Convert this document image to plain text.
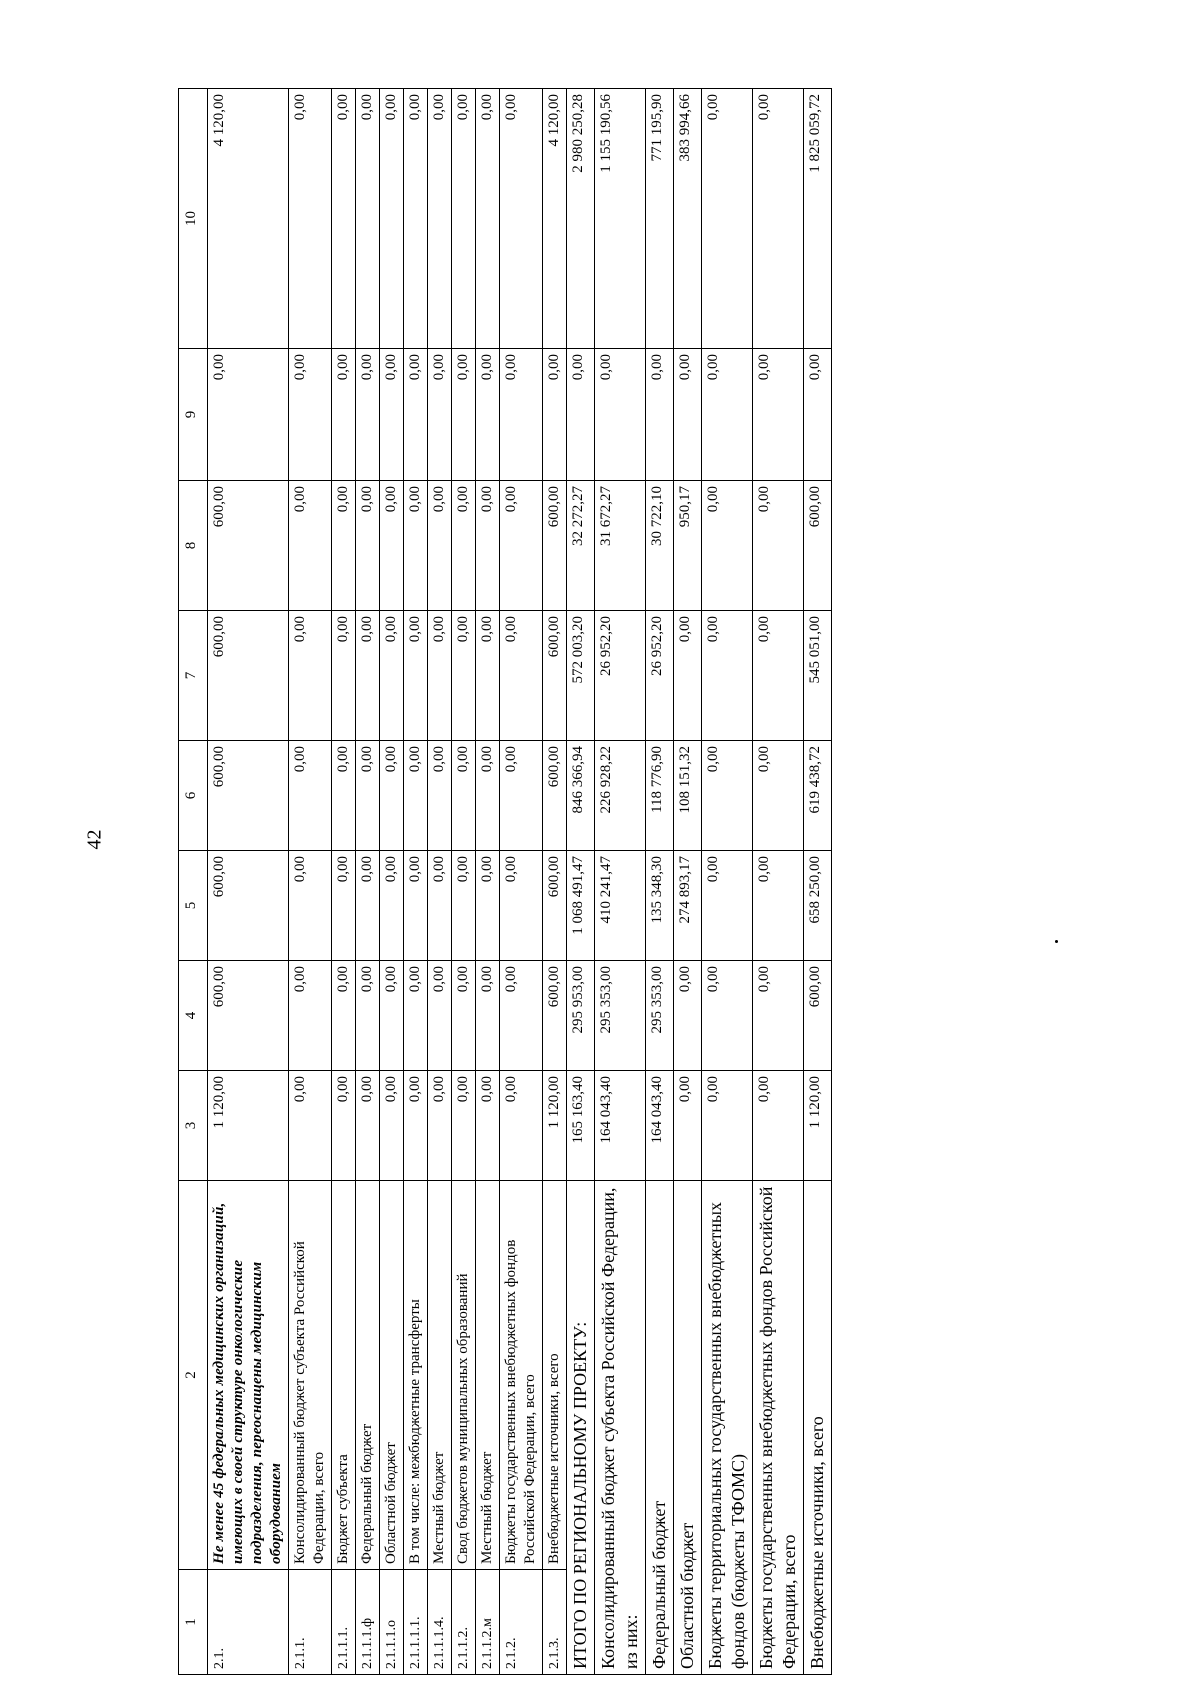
42
1	2	3	4	5	6	7	8	9	10
2.1.	Не менее 45 федеральных медицинских организаций, имеющих в своей структуре онкологические подразделения, переоснащены медицинским оборудованием	1 120,00	600,00	600,00	600,00	600,00	600,00	0,00	4 120,00
2.1.1.	Консолидированный бюджет субъекта Российской Федерации, всего	0,00	0,00	0,00	0,00	0,00	0,00	0,00	0,00
2.1.1.1.	Бюджет субъекта	0,00	0,00	0,00	0,00	0,00	0,00	0,00	0,00
2.1.1.1.ф	Федеральный бюджет	0,00	0,00	0,00	0,00	0,00	0,00	0,00	0,00
2.1.1.1.о	Областной бюджет	0,00	0,00	0,00	0,00	0,00	0,00	0,00	0,00
2.1.1.1.1.	В том числе: межбюджетные трансферты	0,00	0,00	0,00	0,00	0,00	0,00	0,00	0,00
2.1.1.1.4.	Местный бюджет	0,00	0,00	0,00	0,00	0,00	0,00	0,00	0,00
2.1.1.2.	Свод бюджетов муниципальных образований	0,00	0,00	0,00	0,00	0,00	0,00	0,00	0,00
2.1.1.2.м	Местный бюджет	0,00	0,00	0,00	0,00	0,00	0,00	0,00	0,00
2.1.2.	Бюджеты государственных внебюджетных фондов Российской Федерации, всего	0,00	0,00	0,00	0,00	0,00	0,00	0,00	0,00
2.1.3.	Внебюджетные источники, всего	1 120,00	600,00	600,00	600,00	600,00	600,00	0,00	4 120,00
ИТОГО ПО РЕГИОНАЛЬНОМУ ПРОЕКТУ:		165 163,40	295 953,00	1 068 491,47	846 366,94	572 003,20	32 272,27	0,00	2 980 250,28
Консолидированный бюджет субъекта Российской Федерации, из них:		164 043,40	295 353,00	410 241,47	226 928,22	26 952,20	31 672,27	0,00	1 155 190,56
Федеральный бюджет		164 043,40	295 353,00	135 348,30	118 776,90	26 952,20	30 722,10	0,00	771 195,90
Областной бюджет		0,00	0,00	274 893,17	108 151,32	0,00	950,17	0,00	383 994,66
Бюджеты территориальных государственных внебюджетных фондов (бюджеты ТФОМС)		0,00	0,00	0,00	0,00	0,00	0,00	0,00	0,00
Бюджеты государственных внебюджетных фондов Российской Федерации, всего		0,00	0,00	0,00	0,00	0,00	0,00	0,00	0,00
Внебюджетные источники, всего		1 120,00	600,00	658 250,00	619 438,72	545 051,00	600,00	0,00	1 825 059,72
